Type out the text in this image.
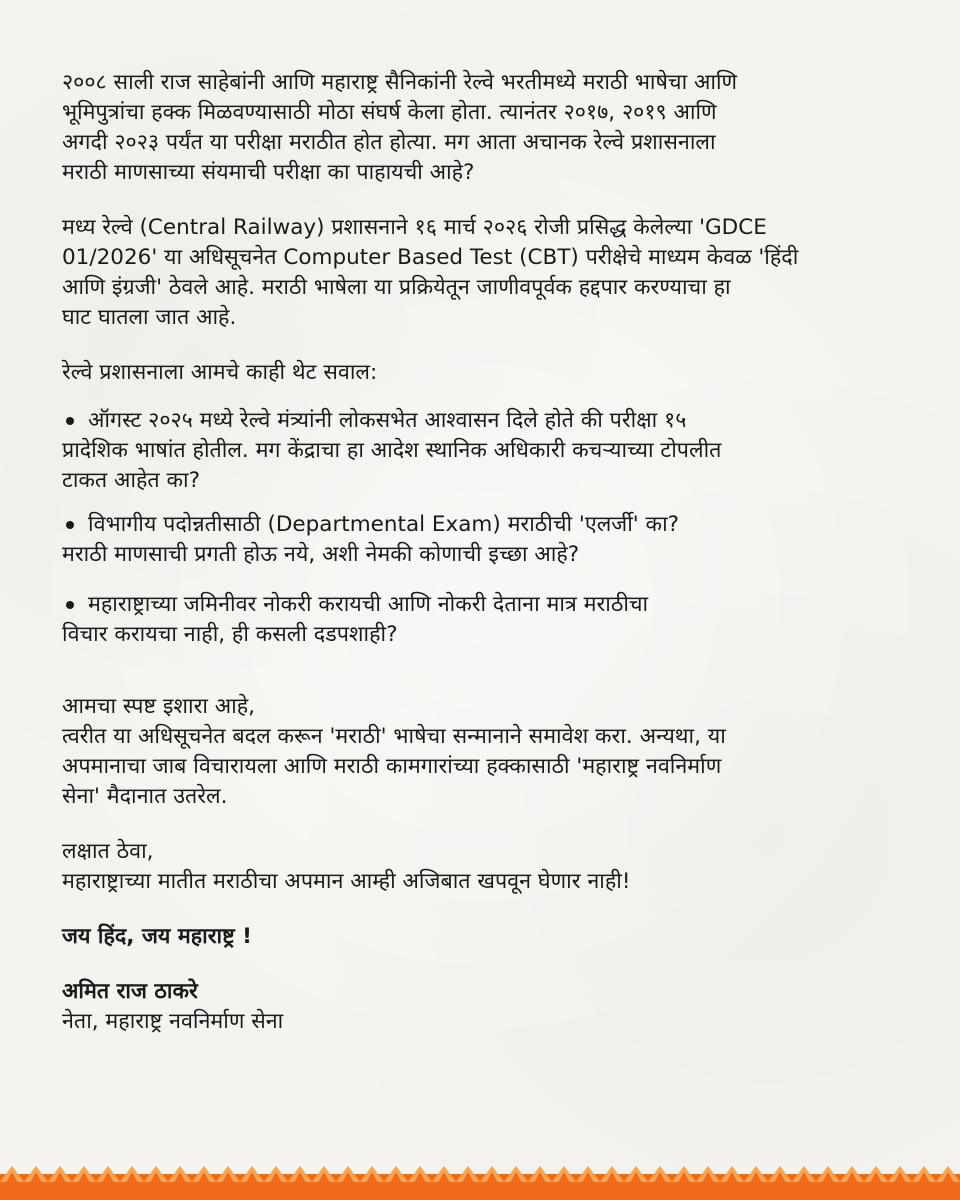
२००८ साली राज साहेबांनी आणि महाराष्ट्र सैनिकांनी रेल्वे भरतीमध्ये मराठी भाषेचा आणि
भूमिपुत्रांचा हक्क मिळवण्यासाठी मोठा संघर्ष केला होता. त्यानंतर २०१७, २०१९ आणि
अगदी २०२३ पर्यंत या परीक्षा मराठीत होत होत्या. मग आता अचानक रेल्वे प्रशासनाला
मराठी माणसाच्या संयमाची परीक्षा का पाहायची आहे?

मध्य रेल्वे (Central Railway) प्रशासनाने १६ मार्च २०२६ रोजी प्रसिद्ध केलेल्या 'GDCE
01/2026' या अधिसूचनेत Computer Based Test (CBT) परीक्षेचे माध्यम केवळ 'हिंदी
आणि इंग्रजी' ठेवले आहे. मराठी भाषेला या प्रक्रियेतून जाणीवपूर्वक हद्दपार करण्याचा हा
घाट घातला जात आहे.

रेल्वे प्रशासनाला आमचे काही थेट सवाल:

ऑगस्ट २०२५ मध्ये रेल्वे मंत्र्यांनी लोकसभेत आश्वासन दिले होते की परीक्षा १५
प्रादेशिक भाषांत होतील. मग केंद्राचा हा आदेश स्थानिक अधिकारी कचऱ्याच्या टोपलीत
टाकत आहेत का?
विभागीय पदोन्नतीसाठी (Departmental Exam) मराठीची 'एलर्जी' का?
मराठी माणसाची प्रगती होऊ नये, अशी नेमकी कोणाची इच्छा आहे?
महाराष्ट्राच्या जमिनीवर नोकरी करायची आणि नोकरी देताना मात्र मराठीचा
विचार करायचा नाही, ही कसली दडपशाही?

आमचा स्पष्ट इशारा आहे,
त्वरीत या अधिसूचनेत बदल करून 'मराठी' भाषेचा सन्मानाने समावेश करा. अन्यथा, या
अपमानाचा जाब विचारायला आणि मराठी कामगारांच्या हक्कासाठी 'महाराष्ट्र नवनिर्माण
सेना' मैदानात उतरेल.

लक्षात ठेवा,
महाराष्ट्राच्या मातीत मराठीचा अपमान आम्ही अजिबात खपवून घेणार नाही!

जय हिंद, जय महाराष्ट्र !

अमित राज ठाकरे
नेता, महाराष्ट्र नवनिर्माण सेना
